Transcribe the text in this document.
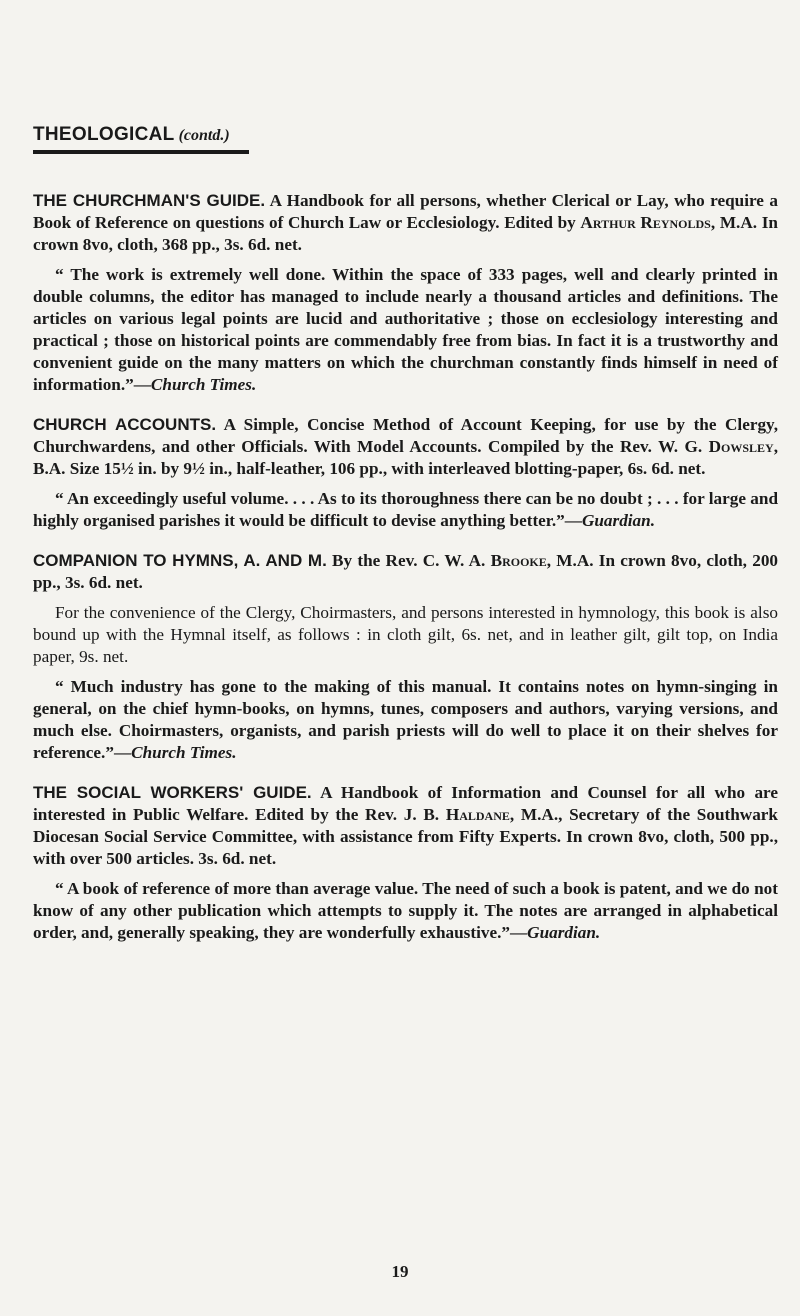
THEOLOGICAL (contd.)

THE CHURCHMAN'S GUIDE. A Handbook for all persons, whether Clerical or Lay, who require a Book of Reference on questions of Church Law or Ecclesiology. Edited by Arthur Reynolds, M.A. In crown 8vo, cloth, 368 pp., 3s. 6d. net.

“ The work is extremely well done. Within the space of 333 pages, well and clearly printed in double columns, the editor has managed to include nearly a thousand articles and definitions. The articles on various legal points are lucid and authoritative ; those on ecclesiology interesting and practical ; those on historical points are commendably free from bias. In fact it is a trustworthy and convenient guide on the many matters on which the churchman constantly finds himself in need of information.”—Church Times.

CHURCH ACCOUNTS. A Simple, Concise Method of Account Keeping, for use by the Clergy, Churchwardens, and other Officials. With Model Accounts. Compiled by the Rev. W. G. Dowsley, B.A. Size 15½ in. by 9½ in., half-leather, 106 pp., with interleaved blotting-paper, 6s. 6d. net.

“ An exceedingly useful volume. . . . As to its thoroughness there can be no doubt ; . . . for large and highly organised parishes it would be difficult to devise anything better.”—Guardian.

COMPANION TO HYMNS, A. AND M. By the Rev. C. W. A. Brooke, M.A. In crown 8vo, cloth, 200 pp., 3s. 6d. net.

For the convenience of the Clergy, Choirmasters, and persons interested in hymnology, this book is also bound up with the Hymnal itself, as follows : in cloth gilt, 6s. net, and in leather gilt, gilt top, on India paper, 9s. net.

“ Much industry has gone to the making of this manual. It contains notes on hymn-singing in general, on the chief hymn-books, on hymns, tunes, composers and authors, varying versions, and much else. Choirmasters, organists, and parish priests will do well to place it on their shelves for reference.”—Church Times.

THE SOCIAL WORKERS' GUIDE. A Handbook of Information and Counsel for all who are interested in Public Welfare. Edited by the Rev. J. B. Haldane, M.A., Secretary of the Southwark Diocesan Social Service Committee, with assistance from Fifty Experts. In crown 8vo, cloth, 500 pp., with over 500 articles. 3s. 6d. net.

“ A book of reference of more than average value. The need of such a book is patent, and we do not know of any other publication which attempts to supply it. The notes are arranged in alphabetical order, and, generally speaking, they are wonderfully exhaustive.”—Guardian.

19
